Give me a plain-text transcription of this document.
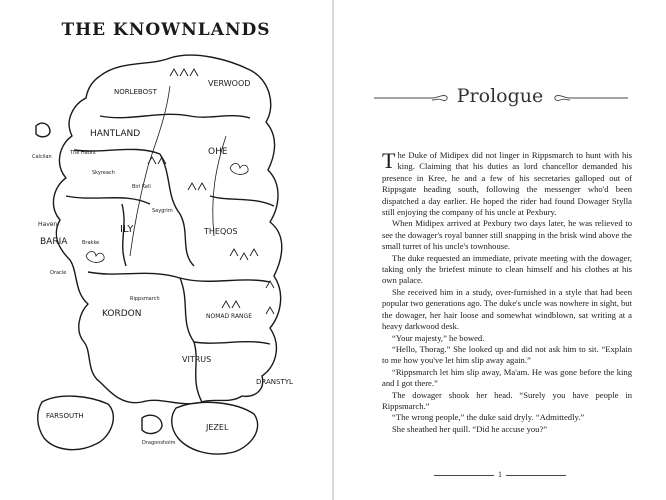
THE KNOWNLANDS
NORLEBOST
VERWOOD
HANTLAND
Calcilan
The Haunt
Skyreach
OHE
Birl Kell
Saygrim
Haven
BARIA
ILY
Brakke
THEQOS
Oracle
Rippsmarch
KORDON	NOMAD RANGE
VITRUS
DRANSTYL
FARSOUTH
JEZEL
Dragonsholm
Prologue

The Duke of Midipex did not linger in Rippsmarch to hunt with his king. Claiming that his duties as lord chancellor demanded his presence in Kree, he and a few of his secretaries galloped out of Rippsgate heading south, following the messenger who'd been dispatched a day earlier. He hoped the rider had found Dowager Stylla still enjoying the company of his uncle at Pexbury.

When Midipex arrived at Pexbury two days later, he was relieved to see the dowager's royal banner still snapping in the brisk wind above the small turret of his uncle's townhouse.

The duke requested an immediate, private meeting with the dowager, taking only the briefest minute to clean himself and his clothes at his own palace.

She received him in a study, over-furnished in a style that had been popular two generations ago. The duke's uncle was nowhere in sight, but the dowager, her hair loose and somewhat windblown, sat writing at a heavy darkwood desk.

“Your majesty,” he bowed.

“Hello, Thorag.” She looked up and did not ask him to sit. “Explain to me how you've let him slip away again.”

“Rippsmarch let him slip away, Ma'am. He was gone before the king and I got there.”

The dowager shook her head. “Surely you have people in Rippsmarch.”

“The wrong people,” the duke said dryly. “Admittedly.”

She sheathed her quill. “Did he accuse you?”

1
